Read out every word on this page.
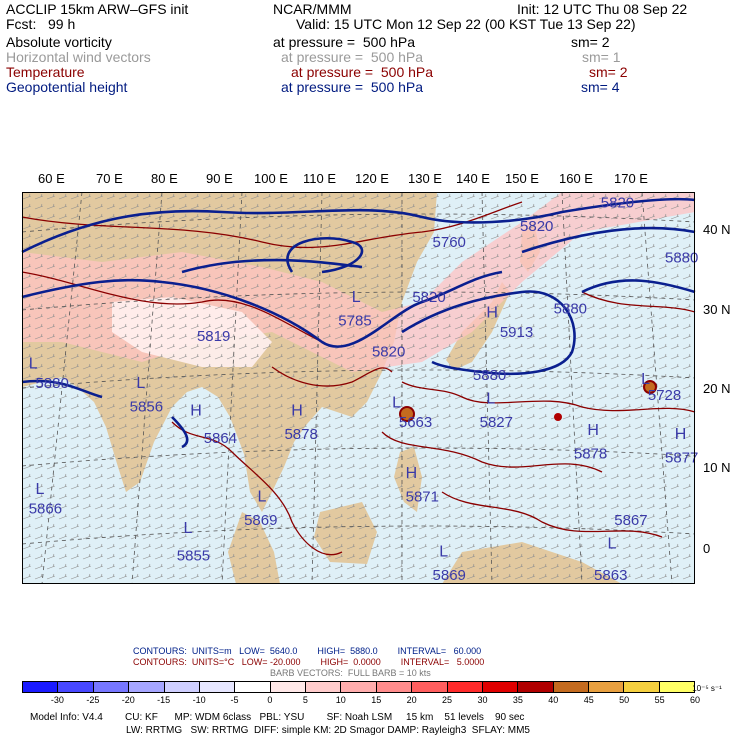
ACCLIP 15km ARW–GFS init
Fcst:   99 h
NCAR/MMM	Init: 12 UTC Thu 08 Sep 22
Valid: 15 UTC Mon 12 Sep 22 (00 KST Tue 13 Sep 22)
Absolute vorticity	at pressure =  500 hPa	sm= 2
Horizontal wind vectors	at pressure =  500 hPa	sm= 1
Temperature	at pressure =  500 hPa	sm= 2
Geopotential height	at pressure =  500 hPa	sm= 4
60 E 70 E 80 E 90 E 100 E 110 E 120 E 130 E 140 E 150 E 160 E 170 E
40 N
30 N
20 N
10 N
0
5820
5820
5760
5880
5820
5880
5785
5913
5819
5820
5880
5880
5856
5728
5663	5827
5864	5878
5878	5877
5871
5866
5869	5867
5855
5869	5863
L
H
L
H	H	L	L
L
H	H
H
L
L
L	L
L
L
CONTOURS:  UNITS=m   LOW=  5640.0        HIGH=  5880.0        INTERVAL=   60.000
CONTOURS:  UNITS=°C   LOW= -20.000        HIGH=  0.0000        INTERVAL=   5.0000
BARB VECTORS:  FULL BARB = 10 kts
-30 -25 -20 -15 -10	-5	0	5	10	15	20	25	30	35	40	45	50	55	60
10⁻⁵ s⁻¹
Model Info: V4.4        CU: KF      MP: WDM 6class   PBL: YSU        SF: Noah LSM     15 km    51 levels    90 sec
LW: RRTMG   SW: RRTMG  DIFF: simple KM: 2D Smagor DAMP: Rayleigh3  SFLAY: MM5
